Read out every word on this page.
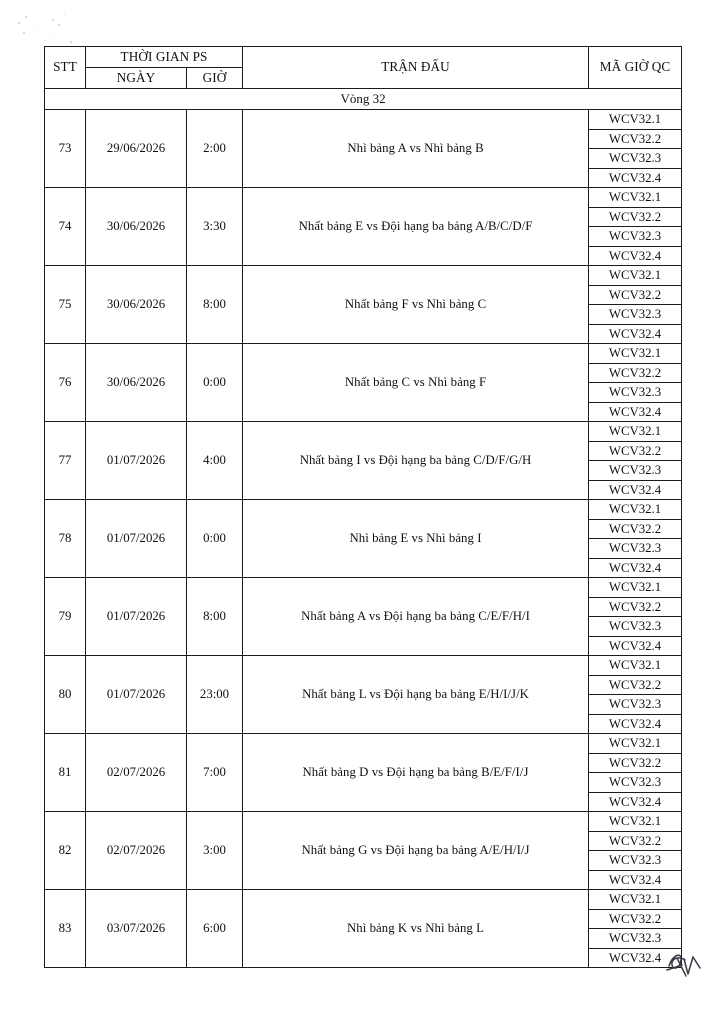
STT	THỜI GIAN PS		TRẬN ĐẤU	MÃ GIỜ QC
	NGÀY	GIỜ		
Vòng 32				
73	29/06/2026	2:00	Nhì bảng A vs Nhì bảng B	WCV32.1
				WCV32.2
				WCV32.3
				WCV32.4
74	30/06/2026	3:30	Nhất bảng E vs Đội hạng ba bảng A/B/C/D/F	WCV32.1
				WCV32.2
				WCV32.3
				WCV32.4
75	30/06/2026	8:00	Nhất bảng F vs Nhì bảng C	WCV32.1
				WCV32.2
				WCV32.3
				WCV32.4
76	30/06/2026	0:00	Nhất bảng C vs Nhì bảng F	WCV32.1
				WCV32.2
				WCV32.3
				WCV32.4
77	01/07/2026	4:00	Nhất bảng I vs Đội hạng ba bảng C/D/F/G/H	WCV32.1
				WCV32.2
				WCV32.3
				WCV32.4
78	01/07/2026	0:00	Nhì bảng E vs Nhì bảng I	WCV32.1
				WCV32.2
				WCV32.3
				WCV32.4
79	01/07/2026	8:00	Nhất bảng A vs Đội hạng ba bảng C/E/F/H/I	WCV32.1
				WCV32.2
				WCV32.3
				WCV32.4
80	01/07/2026	23:00	Nhất bảng L vs Đội hạng ba bảng E/H/I/J/K	WCV32.1
				WCV32.2
				WCV32.3
				WCV32.4
81	02/07/2026	7:00	Nhất bảng D vs Đội hạng ba bảng B/E/F/I/J	WCV32.1
				WCV32.2
				WCV32.3
				WCV32.4
82	02/07/2026	3:00	Nhất bảng G vs Đội hạng ba bảng A/E/H/I/J	WCV32.1
				WCV32.2
				WCV32.3
				WCV32.4
83	03/07/2026	6:00	Nhì bảng K vs Nhì bảng L	WCV32.1
				WCV32.2
				WCV32.3
				WCV32.4
